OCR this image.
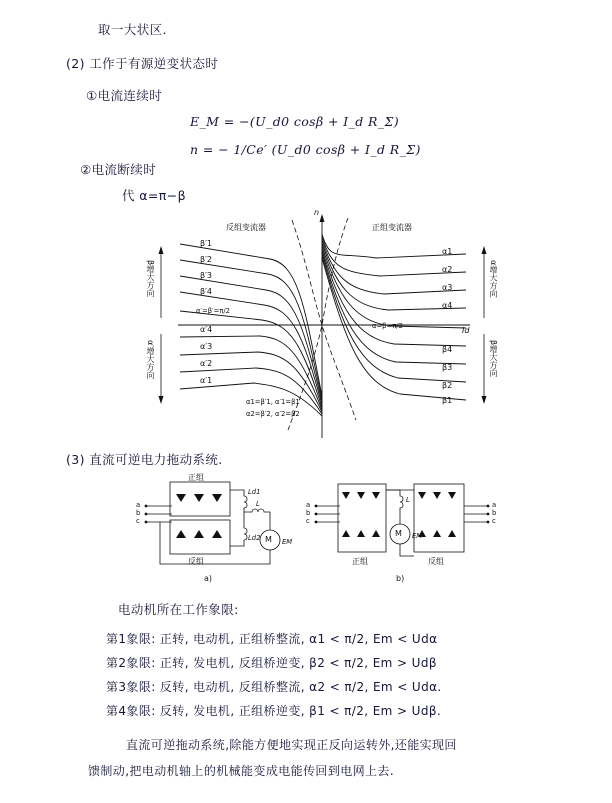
取一大状区.
(2) 工作于有源逆变状态时
①电流连续时
E_M = −(U_d0 cosβ + I_d R_Σ)
n = − 1/Ce′ (U_d0 cosβ + I_d R_Σ)
②电流断续时
代 α=π−β
反组变流器	正组变流器
n
Id
β′1
β′2
β′3
β′4
α′=β′=π/2
α′4
α′3
α′2
α′1
α1
α2
α3
α4
α=β=π/2
β4
β3
β2
β1
β增大方向
α′增大方向
α增大方向
β增大方向
α1=β′1, α′1=β1
α2=β′2, α′2=β2
(3) 直流可逆电力拖动系统.
a
b
c
正组
反组
Ld1
L
Ld2 M EM
a)
a
b
c
a
b
c
L
M EM
正组	反组
b)
电动机所在工作象限:
第1象限: 正转, 电动机, 正组桥整流, α1 < π/2, Em < Udα
第2象限: 正转, 发电机, 反组桥逆变, β2 < π/2, Em > Udβ
第3象限: 反转, 电动机, 反组桥整流, α2 < π/2, Em < Udα.
第4象限: 反转, 发电机, 正组桥逆变, β1 < π/2, Em > Udβ.
直流可逆拖动系统,除能方便地实现正反向运转外,还能实现回
馈制动,把电动机轴上的机械能变成电能传回到电网上去.
